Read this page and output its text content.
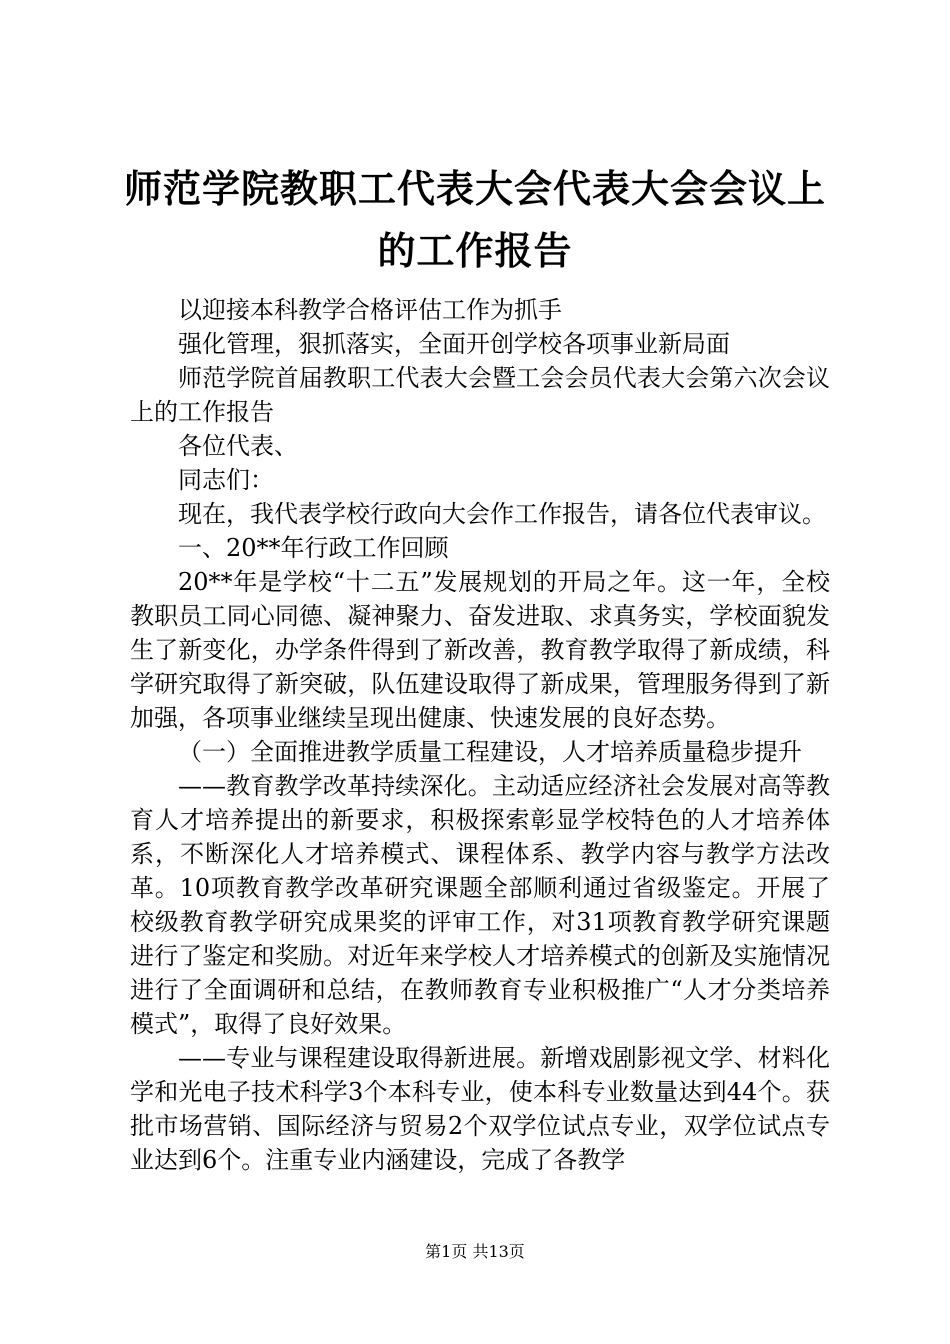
师范学院教职工代表大会代表大会会议上的工作报告

以迎接本科教学合格评估工作为抓手

强化管理，狠抓落实，全面开创学校各项事业新局面

师范学院首届教职工代表大会暨工会会员代表大会第六次会议上的工作报告

各位代表、

同志们：

现在，我代表学校行政向大会作工作报告，请各位代表审议。

一、20**年行政工作回顾

20**年是学校“十二五”发展规划的开局之年。这一年，全校教职员工同心同德、凝神聚力、奋发进取、求真务实，学校面貌发生了新变化，办学条件得到了新改善，教育教学取得了新成绩，科学研究取得了新突破，队伍建设取得了新成果，管理服务得到了新加强，各项事业继续呈现出健康、快速发展的良好态势。

（一）全面推进教学质量工程建设，人才培养质量稳步提升

——教育教学改革持续深化。主动适应经济社会发展对高等教育人才培养提出的新要求，积极探索彰显学校特色的人才培养体系，不断深化人才培养模式、课程体系、教学内容与教学方法改革。10项教育教学改革研究课题全部顺利通过省级鉴定。开展了校级教育教学研究成果奖的评审工作，对31项教育教学研究课题进行了鉴定和奖励。对近年来学校人才培养模式的创新及实施情况进行了全面调研和总结，在教师教育专业积极推广“人才分类培养模式”，取得了良好效果。

——专业与课程建设取得新进展。新增戏剧影视文学、材料化学和光电子技术科学3个本科专业，使本科专业数量达到44个。获批市场营销、国际经济与贸易2个双学位试点专业，双学位试点专业达到6个。注重专业内涵建设，完成了各教学

第1页 共13页
